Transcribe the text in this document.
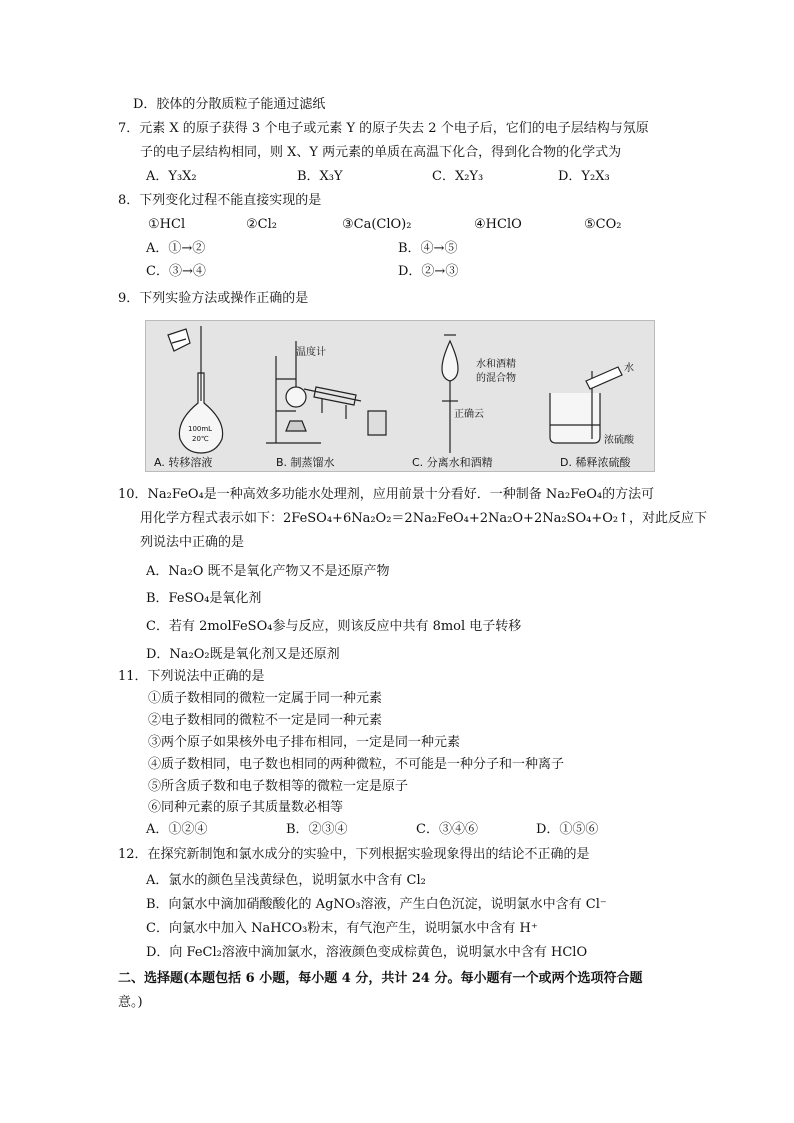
D．胶体的分散质粒子能通过滤纸
7．元素 X 的原子获得 3 个电子或元素 Y 的原子失去 2 个电子后，它们的电子层结构与氖原
子的电子层结构相同，则 X、Y 两元素的单质在高温下化合，得到化合物的化学式为
A．Y₃X₂	B．X₃Y	C．X₂Y₃	D．Y₂X₃
8．下列变化过程不能直接实现的是
①HCl	②Cl₂	③Ca(ClO)₂	④HClO	⑤CO₂
A．①→②	B．④→⑤
C．③→④	D．②→③
9．下列实验方法或操作正确的是
温度计
水和酒精
的混合物
正确云
水
浓硫酸
100mL
20℃
A. 转移溶液	B. 制蒸馏水	C. 分离水和酒精	D. 稀释浓硫酸
10．Na₂FeO₄是一种高效多功能水处理剂，应用前景十分看好．一种制备 Na₂FeO₄的方法可
用化学方程式表示如下：2FeSO₄+6Na₂O₂＝2Na₂FeO₄+2Na₂O+2Na₂SO₄+O₂↑，对此反应下
列说法中正确的是
A．Na₂O 既不是氧化产物又不是还原产物
B．FeSO₄是氧化剂
C．若有 2molFeSO₄参与反应，则该反应中共有 8mol 电子转移
D．Na₂O₂既是氧化剂又是还原剂
11．下列说法中正确的是
①质子数相同的微粒一定属于同一种元素
②电子数相同的微粒不一定是同一种元素
③两个原子如果核外电子排布相同，一定是同一种元素
④质子数相同，电子数也相同的两种微粒，不可能是一种分子和一种离子
⑤所含质子数和电子数相等的微粒一定是原子
⑥同种元素的原子其质量数必相等
A．①②④	B．②③④	C．③④⑥	D．①⑤⑥
12．在探究新制饱和氯水成分的实验中，下列根据实验现象得出的结论不正确的是
A．氯水的颜色呈浅黄绿色，说明氯水中含有 Cl₂
B．向氯水中滴加硝酸酸化的 AgNO₃溶液，产生白色沉淀，说明氯水中含有 Cl⁻
C．向氯水中加入 NaHCO₃粉末，有气泡产生，说明氯水中含有 H⁺
D．向 FeCl₂溶液中滴加氯水，溶液颜色变成棕黄色，说明氯水中含有 HClO
二、选择题(本题包括 6 小题，每小题 4 分，共计 24 分。每小题有一个或两个选项符合题
意。)
